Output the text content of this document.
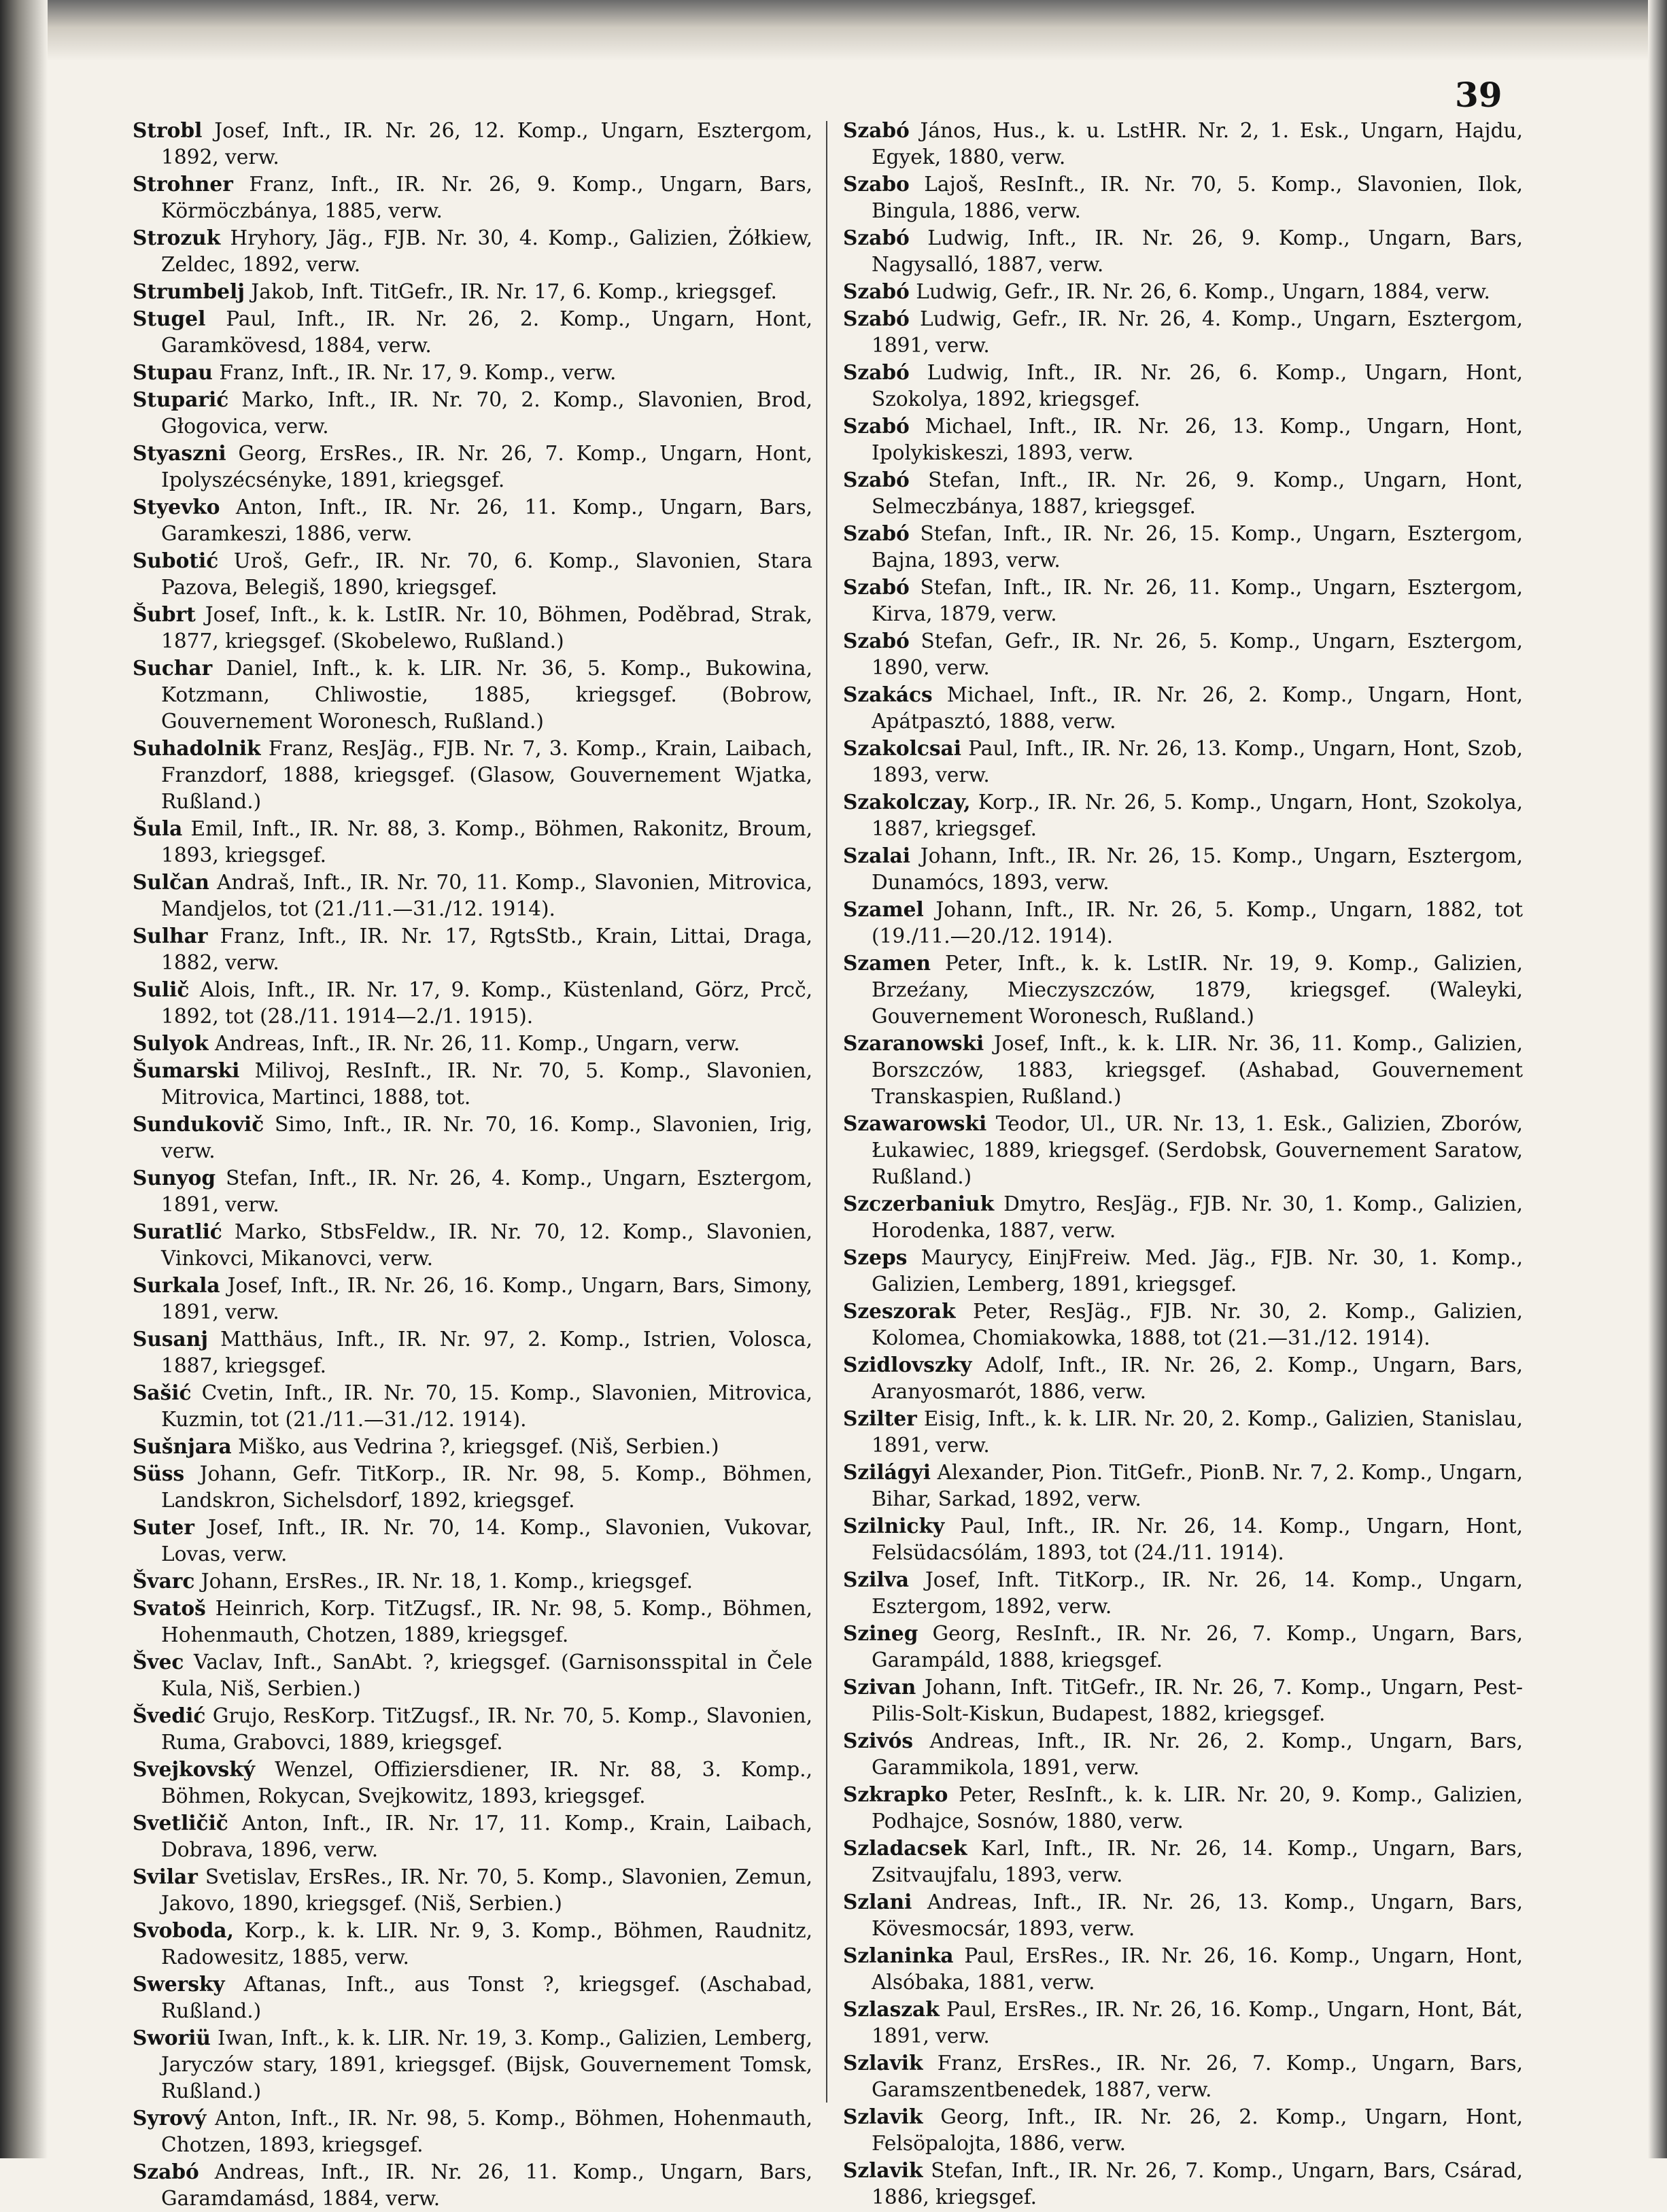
39

Strobl Josef, Inft., IR. Nr. 26, 12. Komp., Ungarn, Esztergom, 1892, verw.

Strohner Franz, Inft., IR. Nr. 26, 9. Komp., Ungarn, Bars, Körmöczbánya, 1885, verw.

Strozuk Hryhory, Jäg., FJB. Nr. 30, 4. Komp., Galizien, Żółkiew, Zeldec, 1892, verw.

Strumbelj Jakob, Inft. TitGefr., IR. Nr. 17, 6. Komp., kriegsgef.

Stugel Paul, Inft., IR. Nr. 26, 2. Komp., Ungarn, Hont, Garamkövesd, 1884, verw.

Stupau Franz, Inft., IR. Nr. 17, 9. Komp., verw.

Stuparić Marko, Inft., IR. Nr. 70, 2. Komp., Slavonien, Brod, Głogovica, verw.

Styaszni Georg, ErsRes., IR. Nr. 26, 7. Komp., Ungarn, Hont, Ipolyszécsényke, 1891, kriegsgef.

Styevko Anton, Inft., IR. Nr. 26, 11. Komp., Ungarn, Bars, Garamkeszi, 1886, verw.

Subotić Uroš, Gefr., IR. Nr. 70, 6. Komp., Slavonien, Stara Pazova, Belegiš, 1890, kriegsgef.

Šubrt Josef, Inft., k. k. LstIR. Nr. 10, Böhmen, Poděbrad, Strak, 1877, kriegsgef. (Skobelewo, Rußland.)

Suchar Daniel, Inft., k. k. LIR. Nr. 36, 5. Komp., Bukowina, Kotzmann, Chliwostie, 1885, kriegsgef. (Bobrow, Gouvernement Woronesch, Rußland.)

Suhadolnik Franz, ResJäg., FJB. Nr. 7, 3. Komp., Krain, Laibach, Franzdorf, 1888, kriegsgef. (Glasow, Gouvernement Wjatka, Rußland.)

Šula Emil, Inft., IR. Nr. 88, 3. Komp., Böhmen, Rakonitz, Broum, 1893, kriegsgef.

Sulčan Andraš, Inft., IR. Nr. 70, 11. Komp., Slavonien, Mitrovica, Mandjelos, tot (21./11.—31./12. 1914).

Sulhar Franz, Inft., IR. Nr. 17, RgtsStb., Krain, Littai, Draga, 1882, verw.

Sulič Alois, Inft., IR. Nr. 17, 9. Komp., Küstenland, Görz, Prcč, 1892, tot (28./11. 1914—2./1. 1915).

Sulyok Andreas, Inft., IR. Nr. 26, 11. Komp., Ungarn, verw.

Šumarski Milivoj, ResInft., IR. Nr. 70, 5. Komp., Slavonien, Mitrovica, Martinci, 1888, tot.

Sundukovič Simo, Inft., IR. Nr. 70, 16. Komp., Slavonien, Irig, verw.

Sunyog Stefan, Inft., IR. Nr. 26, 4. Komp., Ungarn, Esztergom, 1891, verw.

Suratlić Marko, StbsFeldw., IR. Nr. 70, 12. Komp., Slavonien, Vinkovci, Mikanovci, verw.

Surkala Josef, Inft., IR. Nr. 26, 16. Komp., Ungarn, Bars, Simony, 1891, verw.

Susanj Matthäus, Inft., IR. Nr. 97, 2. Komp., Istrien, Volosca, 1887, kriegsgef.

Sašić Cvetin, Inft., IR. Nr. 70, 15. Komp., Slavonien, Mitrovica, Kuzmin, tot (21./11.—31./12. 1914).

Sušnjara Miško, aus Vedrina ?, kriegsgef. (Niš, Serbien.)

Süss Johann, Gefr. TitKorp., IR. Nr. 98, 5. Komp., Böhmen, Landskron, Sichelsdorf, 1892, kriegsgef.

Suter Josef, Inft., IR. Nr. 70, 14. Komp., Slavonien, Vukovar, Lovas, verw.

Švarc Johann, ErsRes., IR. Nr. 18, 1. Komp., kriegsgef.

Svatoš Heinrich, Korp. TitZugsf., IR. Nr. 98, 5. Komp., Böhmen, Hohenmauth, Chotzen, 1889, kriegsgef.

Švec Vaclav, Inft., SanAbt. ?, kriegsgef. (Garnisonsspital in Čele Kula, Niš, Serbien.)

Švedić Grujo, ResKorp. TitZugsf., IR. Nr. 70, 5. Komp., Slavonien, Ruma, Grabovci, 1889, kriegsgef.

Svejkovský Wenzel, Offiziersdiener, IR. Nr. 88, 3. Komp., Böhmen, Rokycan, Svejkowitz, 1893, kriegsgef.

Svetličič Anton, Inft., IR. Nr. 17, 11. Komp., Krain, Laibach, Dobrava, 1896, verw.

Svilar Svetislav, ErsRes., IR. Nr. 70, 5. Komp., Slavonien, Zemun, Jakovo, 1890, kriegsgef. (Niš, Serbien.)

Svoboda, Korp., k. k. LIR. Nr. 9, 3. Komp., Böhmen, Raudnitz, Radowesitz, 1885, verw.

Swersky Aftanas, Inft., aus Tonst ?, kriegsgef. (Aschabad, Rußland.)

Sworiü Iwan, Inft., k. k. LIR. Nr. 19, 3. Komp., Galizien, Lemberg, Jaryczów stary, 1891, kriegsgef. (Bijsk, Gouvernement Tomsk, Rußland.)

Syrový Anton, Inft., IR. Nr. 98, 5. Komp., Böhmen, Hohenmauth, Chotzen, 1893, kriegsgef.

Szabó Andreas, Inft., IR. Nr. 26, 11. Komp., Ungarn, Bars, Garamdamásd, 1884, verw.

Szabó János, Hus., k. u. LstHR. Nr. 2, 1. Esk., Ungarn, Hajdu, Egyek, 1880, verw.

Szabo Lajoš, ResInft., IR. Nr. 70, 5. Komp., Slavonien, Ilok, Bingula, 1886, verw.

Szabó Ludwig, Inft., IR. Nr. 26, 9. Komp., Ungarn, Bars, Nagysalló, 1887, verw.

Szabó Ludwig, Gefr., IR. Nr. 26, 6. Komp., Ungarn, 1884, verw.

Szabó Ludwig, Gefr., IR. Nr. 26, 4. Komp., Ungarn, Esztergom, 1891, verw.

Szabó Ludwig, Inft., IR. Nr. 26, 6. Komp., Ungarn, Hont, Szokolya, 1892, kriegsgef.

Szabó Michael, Inft., IR. Nr. 26, 13. Komp., Ungarn, Hont, Ipolykiskeszi, 1893, verw.

Szabó Stefan, Inft., IR. Nr. 26, 9. Komp., Ungarn, Hont, Selmeczbánya, 1887, kriegsgef.

Szabó Stefan, Inft., IR. Nr. 26, 15. Komp., Ungarn, Esztergom, Bajna, 1893, verw.

Szabó Stefan, Inft., IR. Nr. 26, 11. Komp., Ungarn, Esztergom, Kirva, 1879, verw.

Szabó Stefan, Gefr., IR. Nr. 26, 5. Komp., Ungarn, Esztergom, 1890, verw.

Szakács Michael, Inft., IR. Nr. 26, 2. Komp., Ungarn, Hont, Apátpasztó, 1888, verw.

Szakolcsai Paul, Inft., IR. Nr. 26, 13. Komp., Ungarn, Hont, Szob, 1893, verw.

Szakolczay, Korp., IR. Nr. 26, 5. Komp., Ungarn, Hont, Szokolya, 1887, kriegsgef.

Szalai Johann, Inft., IR. Nr. 26, 15. Komp., Ungarn, Esztergom, Dunamócs, 1893, verw.

Szamel Johann, Inft., IR. Nr. 26, 5. Komp., Ungarn, 1882, tot (19./11.—20./12. 1914).

Szamen Peter, Inft., k. k. LstIR. Nr. 19, 9. Komp., Galizien, Brzeźany, Mieczyszczów, 1879, kriegsgef. (Waleyki, Gouvernement Woronesch, Rußland.)

Szaranowski Josef, Inft., k. k. LIR. Nr. 36, 11. Komp., Galizien, Borszczów, 1883, kriegsgef. (Ashabad, Gouvernement Transkaspien, Rußland.)

Szawarowski Teodor, Ul., UR. Nr. 13, 1. Esk., Galizien, Zborów, Łukawiec, 1889, kriegsgef. (Serdobsk, Gouvernement Saratow, Rußland.)

Szczerbaniuk Dmytro, ResJäg., FJB. Nr. 30, 1. Komp., Galizien, Horodenka, 1887, verw.

Szeps Maurycy, EinjFreiw. Med. Jäg., FJB. Nr. 30, 1. Komp., Galizien, Lemberg, 1891, kriegsgef.

Szeszorak Peter, ResJäg., FJB. Nr. 30, 2. Komp., Galizien, Kolomea, Chomiakowka, 1888, tot (21.—31./12. 1914).

Szidlovszky Adolf, Inft., IR. Nr. 26, 2. Komp., Ungarn, Bars, Aranyosmarót, 1886, verw.

Szilter Eisig, Inft., k. k. LIR. Nr. 20, 2. Komp., Galizien, Stanislau, 1891, verw.

Szilágyi Alexander, Pion. TitGefr., PionB. Nr. 7, 2. Komp., Ungarn, Bihar, Sarkad, 1892, verw.

Szilnicky Paul, Inft., IR. Nr. 26, 14. Komp., Ungarn, Hont, Felsüdacsólám, 1893, tot (24./11. 1914).

Szilva Josef, Inft. TitKorp., IR. Nr. 26, 14. Komp., Ungarn, Esztergom, 1892, verw.

Szineg Georg, ResInft., IR. Nr. 26, 7. Komp., Ungarn, Bars, Garampáld, 1888, kriegsgef.

Szivan Johann, Inft. TitGefr., IR. Nr. 26, 7. Komp., Ungarn, Pest-Pilis-Solt-Kiskun, Budapest, 1882, kriegsgef.

Szivós Andreas, Inft., IR. Nr. 26, 2. Komp., Ungarn, Bars, Garammikola, 1891, verw.

Szkrapko Peter, ResInft., k. k. LIR. Nr. 20, 9. Komp., Galizien, Podhajce, Sosnów, 1880, verw.

Szladacsek Karl, Inft., IR. Nr. 26, 14. Komp., Ungarn, Bars, Zsitvaujfalu, 1893, verw.

Szlani Andreas, Inft., IR. Nr. 26, 13. Komp., Ungarn, Bars, Kövesmocsár, 1893, verw.

Szlaninka Paul, ErsRes., IR. Nr. 26, 16. Komp., Ungarn, Hont, Alsóbaka, 1881, verw.

Szlaszak Paul, ErsRes., IR. Nr. 26, 16. Komp., Ungarn, Hont, Bát, 1891, verw.

Szlavik Franz, ErsRes., IR. Nr. 26, 7. Komp., Ungarn, Bars, Garamszentbenedek, 1887, verw.

Szlavik Georg, Inft., IR. Nr. 26, 2. Komp., Ungarn, Hont, Felsöpalojta, 1886, verw.

Szlavik Stefan, Inft., IR. Nr. 26, 7. Komp., Ungarn, Bars, Csárad, 1886, kriegsgef.
